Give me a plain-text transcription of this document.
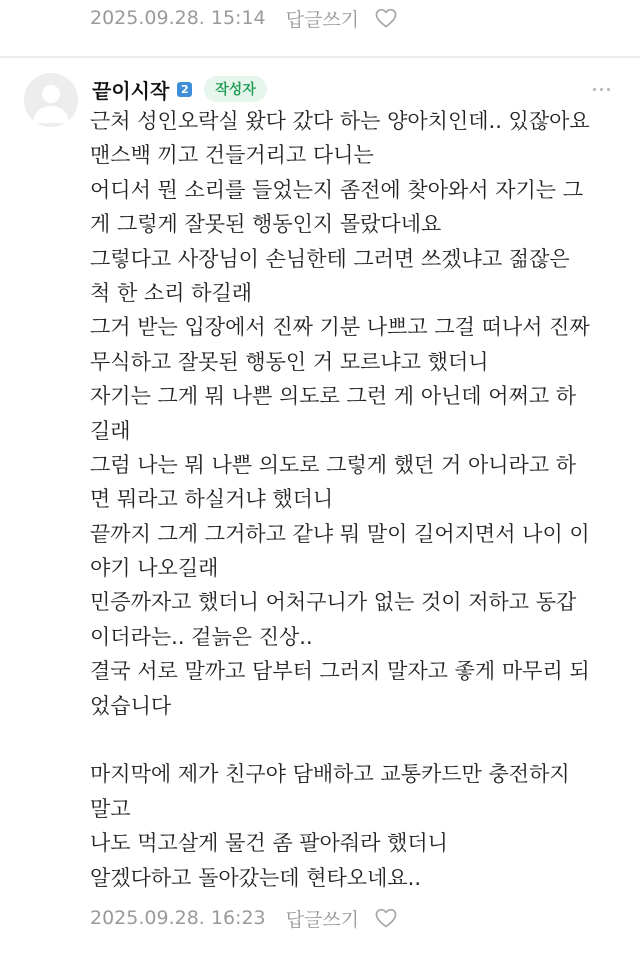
2025.09.28. 15:14 답글쓰기
끝이시작	2	작성자
근처 성인오락실 왔다 갔다 하는 양아치인데.. 있잖아요
맨스백 끼고 건들거리고 다니는
어디서 뭔 소리를 들었는지 좀전에 찾아와서 자기는 그
게 그렇게 잘못된 행동인지 몰랐다네요
그렇다고 사장님이 손님한테 그러면 쓰겠냐고 젊잖은
척 한 소리 하길래
그거 받는 입장에서 진짜 기분 나쁘고 그걸 떠나서 진짜
무식하고 잘못된 행동인 거 모르냐고 했더니
자기는 그게 뭐 나쁜 의도로 그런 게 아닌데 어쩌고 하
길래
그럼 나는 뭐 나쁜 의도로 그렇게 했던 거 아니라고 하
면 뭐라고 하실거냐 했더니
끝까지 그게 그거하고 같냐 뭐 말이 길어지면서 나이 이
야기 나오길래
민증까자고 했더니 어처구니가 없는 것이 저하고 동갑
이더라는.. 겉늙은 진상..
결국 서로 말까고 담부터 그러지 말자고 좋게 마무리 되
었습니다
마지막에 제가 친구야 담배하고 교통카드만 충전하지
말고
나도 먹고살게 물건 좀 팔아줘라 했더니
알겠다하고 돌아갔는데 현타오네요..
2025.09.28. 16:23 답글쓰기
